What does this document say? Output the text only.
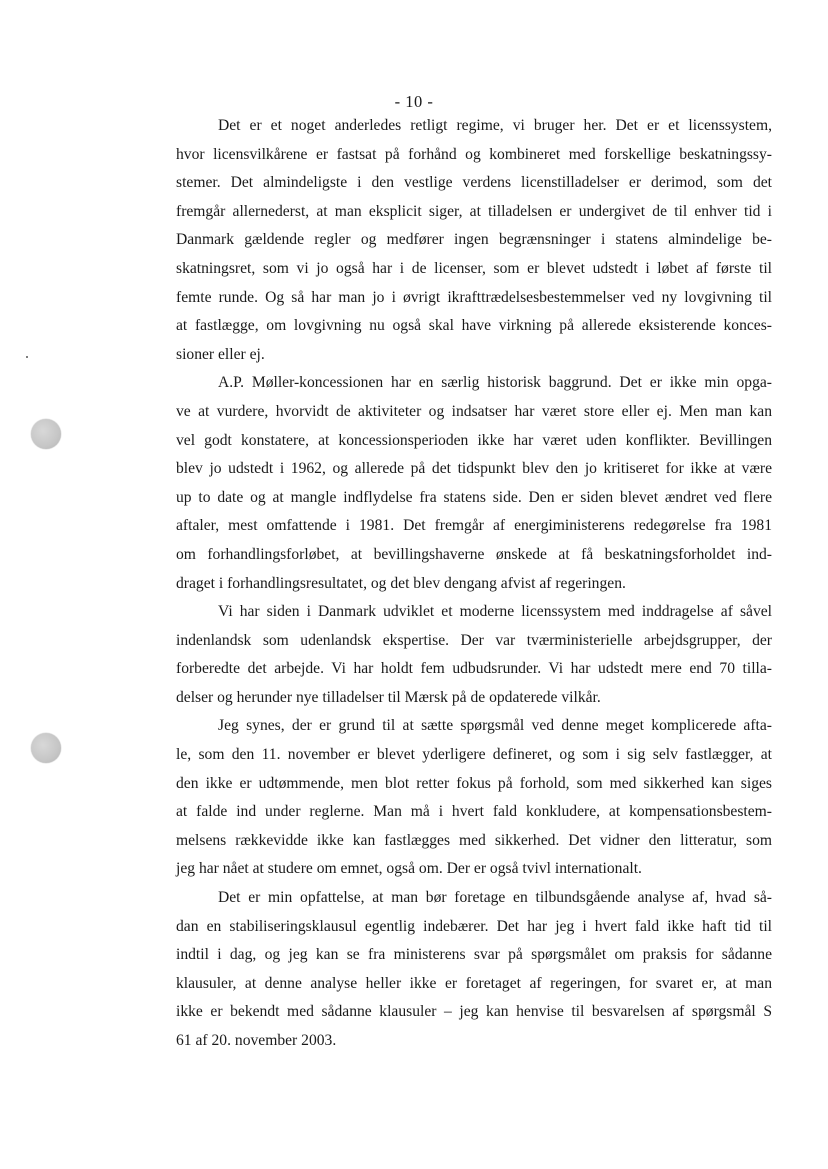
- 10 -
Det er et noget anderledes retligt regime, vi bruger her. Det er et licenssystem,
hvor licensvilkårene er fastsat på forhånd og kombineret med forskellige beskatningssy-
stemer. Det almindeligste i den vestlige verdens licenstilladelser er derimod, som det
fremgår allernederst, at man eksplicit siger, at tilladelsen er undergivet de til enhver tid i
Danmark gældende regler og medfører ingen begrænsninger i statens almindelige be-
skatningsret, som vi jo også har i de licenser, som er blevet udstedt i løbet af første til
femte runde. Og så har man jo i øvrigt ikrafttrædelsesbestemmelser ved ny lovgivning til
at fastlægge, om lovgivning nu også skal have virkning på allerede eksisterende konces-
sioner eller ej.
A.P. Møller-koncessionen har en særlig historisk baggrund. Det er ikke min opga-
ve at vurdere, hvorvidt de aktiviteter og indsatser har været store eller ej. Men man kan
vel godt konstatere, at koncessionsperioden ikke har været uden konflikter. Bevillingen
blev jo udstedt i 1962, og allerede på det tidspunkt blev den jo kritiseret for ikke at være
up to date og at mangle indflydelse fra statens side. Den er siden blevet ændret ved flere
aftaler, mest omfattende i 1981. Det fremgår af energiministerens redegørelse fra 1981
om forhandlingsforløbet, at bevillingshaverne ønskede at få beskatningsforholdet ind-
draget i forhandlingsresultatet, og det blev dengang afvist af regeringen.
Vi har siden i Danmark udviklet et moderne licenssystem med inddragelse af såvel
indenlandsk som udenlandsk ekspertise. Der var tværministerielle arbejdsgrupper, der
forberedte det arbejde. Vi har holdt fem udbudsrunder. Vi har udstedt mere end 70 tilla-
delser og herunder nye tilladelser til Mærsk på de opdaterede vilkår.
Jeg synes, der er grund til at sætte spørgsmål ved denne meget komplicerede afta-
le, som den 11. november er blevet yderligere defineret, og som i sig selv fastlægger, at
den ikke er udtømmende, men blot retter fokus på forhold, som med sikkerhed kan siges
at falde ind under reglerne. Man må i hvert fald konkludere, at kompensationsbestem-
melsens rækkevidde ikke kan fastlægges med sikkerhed. Det vidner den litteratur, som
jeg har nået at studere om emnet, også om. Der er også tvivl internationalt.
Det er min opfattelse, at man bør foretage en tilbundsgående analyse af, hvad så-
dan en stabiliseringsklausul egentlig indebærer. Det har jeg i hvert fald ikke haft tid til
indtil i dag, og jeg kan se fra ministerens svar på spørgsmålet om praksis for sådanne
klausuler, at denne analyse heller ikke er foretaget af regeringen, for svaret er, at man
ikke er bekendt med sådanne klausuler – jeg kan henvise til besvarelsen af spørgsmål S
61 af 20. november 2003.
